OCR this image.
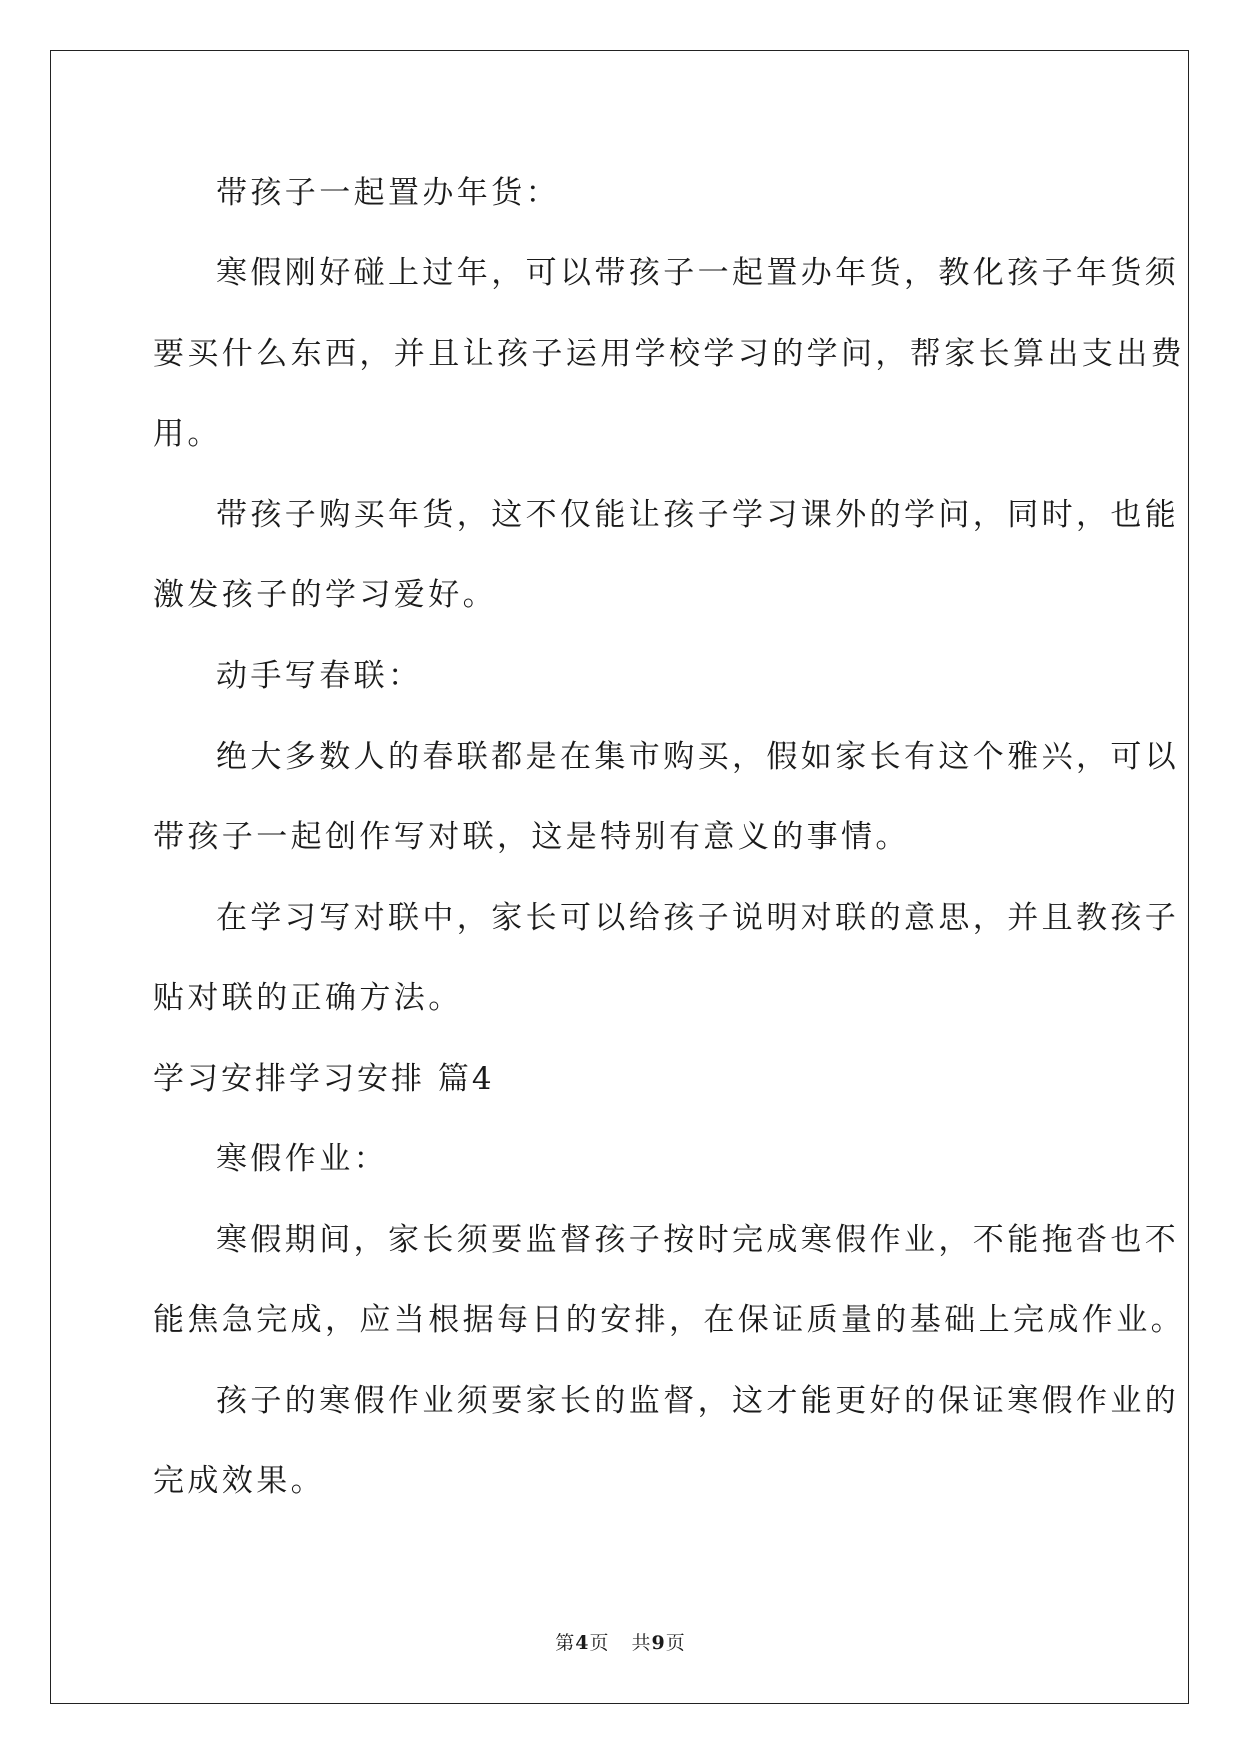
带孩子一起置办年货：

寒假刚好碰上过年，可以带孩子一起置办年货，教化孩子年货须

要买什么东西，并且让孩子运用学校学习的学问，帮家长算出支出费

用。

带孩子购买年货，这不仅能让孩子学习课外的学问，同时，也能

激发孩子的学习爱好。

动手写春联：

绝大多数人的春联都是在集市购买，假如家长有这个雅兴，可以

带孩子一起创作写对联，这是特别有意义的事情。

在学习写对联中，家长可以给孩子说明对联的意思，并且教孩子

贴对联的正确方法。

学习安排学习安排 篇4

寒假作业：

寒假期间，家长须要监督孩子按时完成寒假作业，不能拖沓也不

能焦急完成，应当根据每日的安排，在保证质量的基础上完成作业。

孩子的寒假作业须要家长的监督，这才能更好的保证寒假作业的

完成效果。

第4页 共9页
